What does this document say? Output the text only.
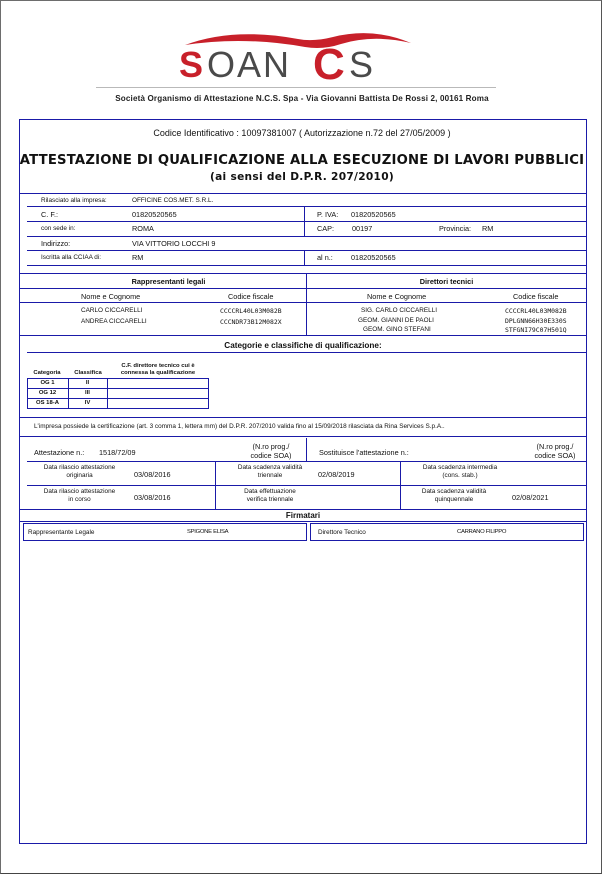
S OAN C S
Società Organismo di Attestazione N.C.S. Spa - Via Giovanni Battista De Rossi 2, 00161 Roma
Codice Identificativo : 10097381007 ( Autorizzazione n.72 del 27/05/2009 )
ATTESTAZIONE DI QUALIFICAZIONE ALLA ESECUZIONE DI LAVORI PUBBLICI
(ai sensi del D.P.R. 207/2010)
Rilasciato alla impresa:	OFFICINE COS.MET. S.R.L.
C. F.:	01820520565	P. IVA: 01820520565
con sede in:	ROMA	CAP: 00197	Provincia: RM
Indirizzo:	VIA VITTORIO LOCCHI 9
Iscritta alla CCIAA di:	RM	al n.: 01820520565
Rappresentanti legali	Direttori tecnici
Nome e Cognome	Codice fiscale	Nome e Cognome	Codice fiscale
CARLO CICCARELLI	CCCCRL40L03M082B
ANDREA CICCARELLI	CCCNDR73B12M082X
SIG. CARLO CICCARELLI	CCCCRL40L03M082B
GEOM. GIANNI DE PAOLI	DPLGNN66H30E330S
GEOM. GINO STEFANI	STFGNI79C07H501Q
Categorie e classifiche di qualificazione:
Categoria	Classifica
C.F. direttore tecnico cui è
connessa la qualificazione
OG 1	II
OG 12	III
OS 18-A	IV
L'impresa possiede la certificazione (art. 3 comma 1, lettera mm) del D.P.R. 207/2010 valida fino al 15/09/2018 rilasciata da Rina Services S.p.A..
Attestazione n.: 1518/72/09
(N.ro prog./
codice SOA)	Sostituisce l'attestazione n.:
(N.ro prog./
codice SOA)
Data rilascio attestazione
originaria	03/08/2016
Data scadenza validità
triennale	02/08/2019
Data scadenza intermedia
(cons. stab.)
Data rilascio attestazione
in corso	03/08/2016
Data effettuazione
verifica triennale
Data scadenza validità
quinquennale	02/08/2021
Firmatari
Rappresentante Legale	SPIGONE ELISA	Direttore Tecnico	CARRANO FILIPPO
